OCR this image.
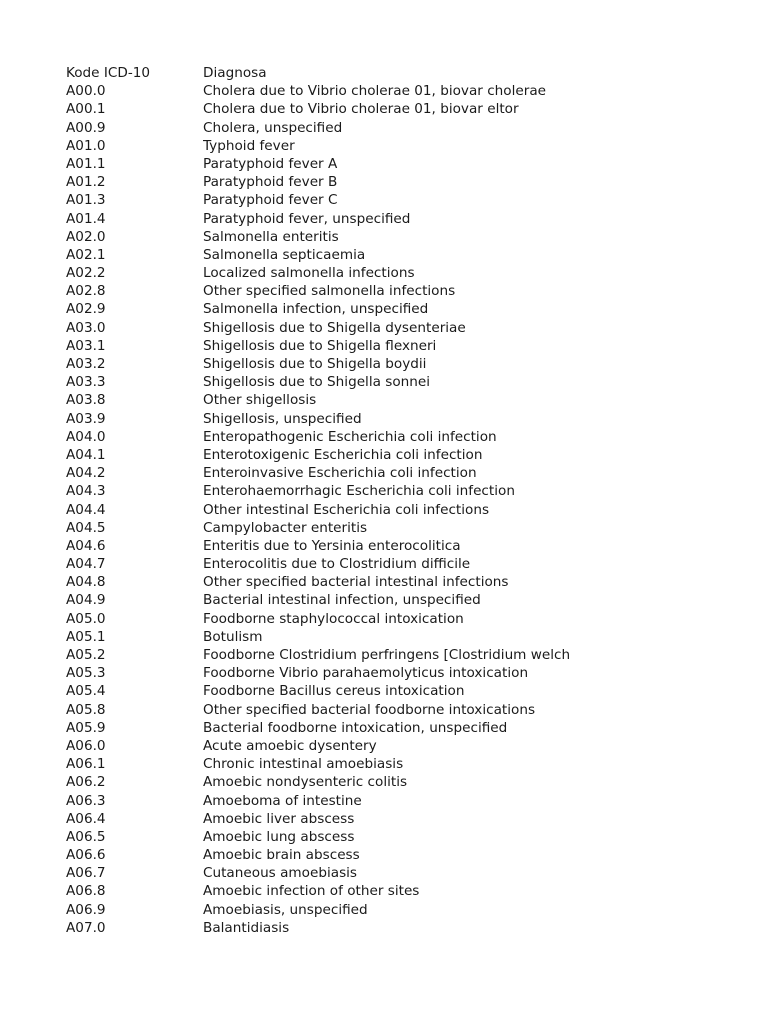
Kode ICD-10	Diagnosa
A00.0	Cholera due to Vibrio cholerae 01, biovar cholerae
A00.1	Cholera due to Vibrio cholerae 01, biovar eltor
A00.9	Cholera, unspecified
A01.0	Typhoid fever
A01.1	Paratyphoid fever A
A01.2	Paratyphoid fever B
A01.3	Paratyphoid fever C
A01.4	Paratyphoid fever, unspecified
A02.0	Salmonella enteritis
A02.1	Salmonella septicaemia
A02.2	Localized salmonella infections
A02.8	Other specified salmonella infections
A02.9	Salmonella infection, unspecified
A03.0	Shigellosis due to Shigella dysenteriae
A03.1	Shigellosis due to Shigella flexneri
A03.2	Shigellosis due to Shigella boydii
A03.3	Shigellosis due to Shigella sonnei
A03.8	Other shigellosis
A03.9	Shigellosis, unspecified
A04.0	Enteropathogenic Escherichia coli infection
A04.1	Enterotoxigenic Escherichia coli infection
A04.2	Enteroinvasive Escherichia coli infection
A04.3	Enterohaemorrhagic Escherichia coli infection
A04.4	Other intestinal Escherichia coli infections
A04.5	Campylobacter enteritis
A04.6	Enteritis due to Yersinia enterocolitica
A04.7	Enterocolitis due to Clostridium difficile
A04.8	Other specified bacterial intestinal infections
A04.9	Bacterial intestinal infection, unspecified
A05.0	Foodborne staphylococcal intoxication
A05.1	Botulism
A05.2	Foodborne Clostridium perfringens [Clostridium welch
A05.3	Foodborne Vibrio parahaemolyticus intoxication
A05.4	Foodborne Bacillus cereus intoxication
A05.8	Other specified bacterial foodborne intoxications
A05.9	Bacterial foodborne intoxication, unspecified
A06.0	Acute amoebic dysentery
A06.1	Chronic intestinal amoebiasis
A06.2	Amoebic nondysenteric colitis
A06.3	Amoeboma of intestine
A06.4	Amoebic liver abscess
A06.5	Amoebic lung abscess
A06.6	Amoebic brain abscess
A06.7	Cutaneous amoebiasis
A06.8	Amoebic infection of other sites
A06.9	Amoebiasis, unspecified
A07.0	Balantidiasis
